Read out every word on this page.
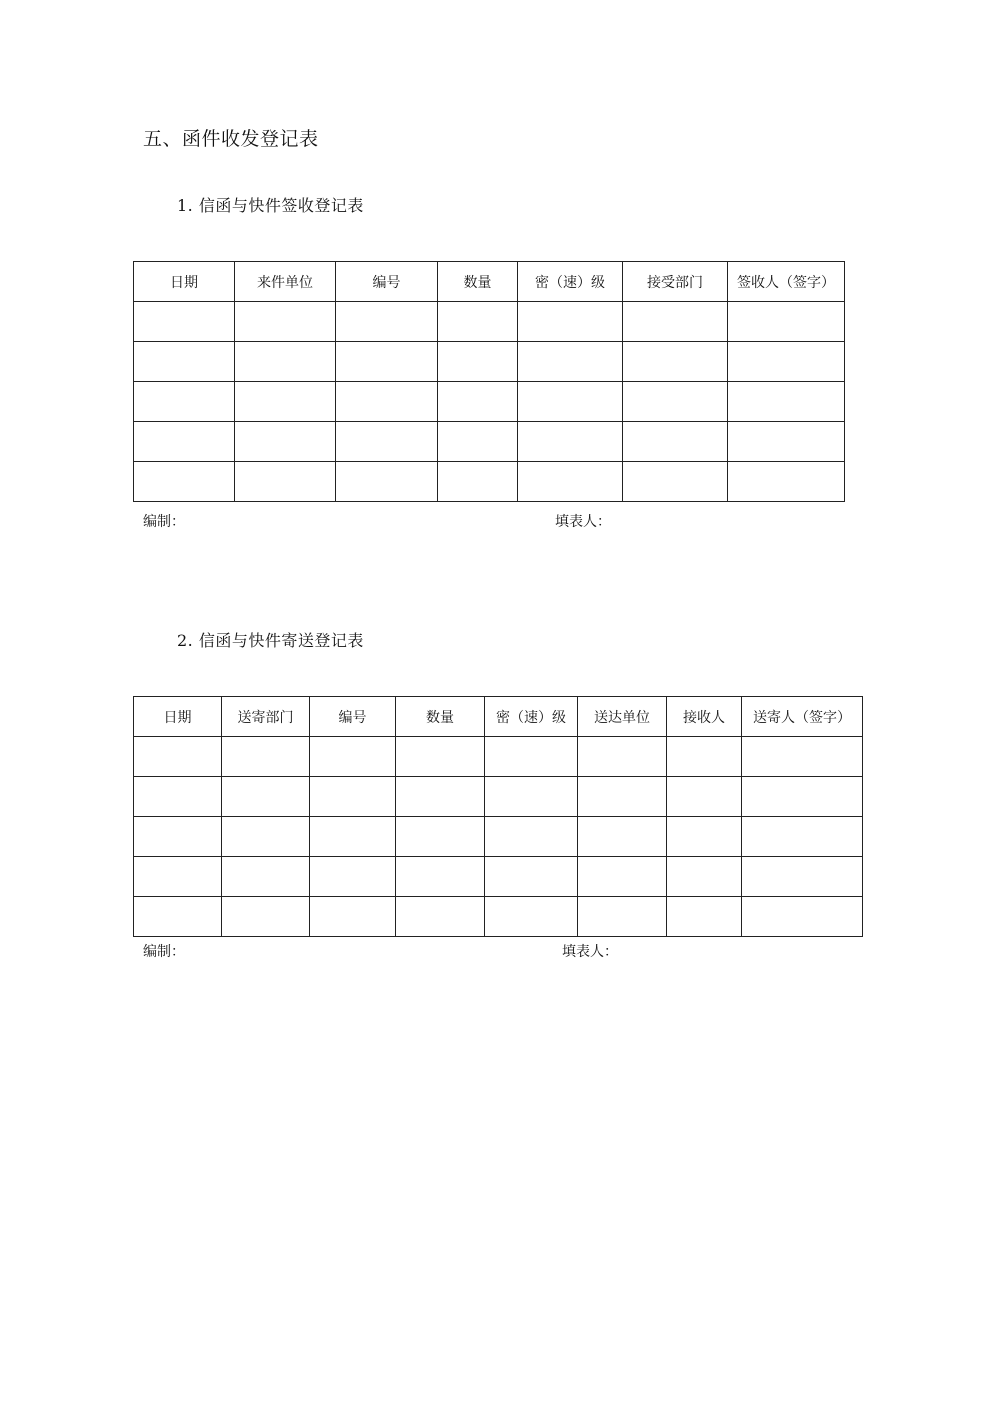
五、函件收发登记表
1. 信函与快件签收登记表
日期	来件单位	编号	数量	密（速）级	接受部门	签收人（签字）

编制：	填表人：
2. 信函与快件寄送登记表
日期	送寄部门	编号	数量	密（速）级	送达单位	接收人	送寄人（签字）

编制：	填表人：
